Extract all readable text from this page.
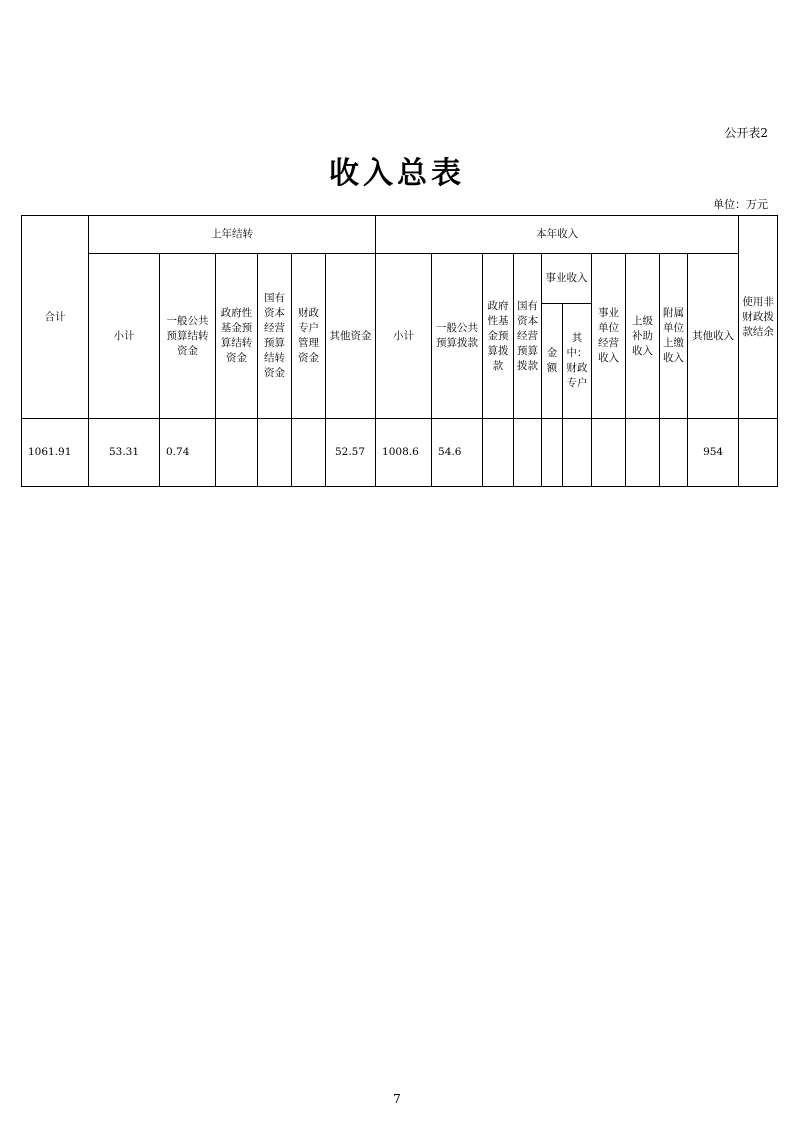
公开表2
收入总表
单位：万元
合计	上年结转						本年收入										使用非财政拨款结余
	小计	一般公共预算结转资金	政府性基金预算结转资金	国有资本经营预算结转资金	财政专户管理资金	其他资金	小计	一般公共预算拨款	政府性基金预算拨款	国有资本经营预算拨款	事业收入		事业单位经营收入	上级补助收入	附属单位上缴收入	其他收入	
											金额	其中：财政专户					
1061.91	53.31	0.74				52.57	1008.6	54.6								954	
7
